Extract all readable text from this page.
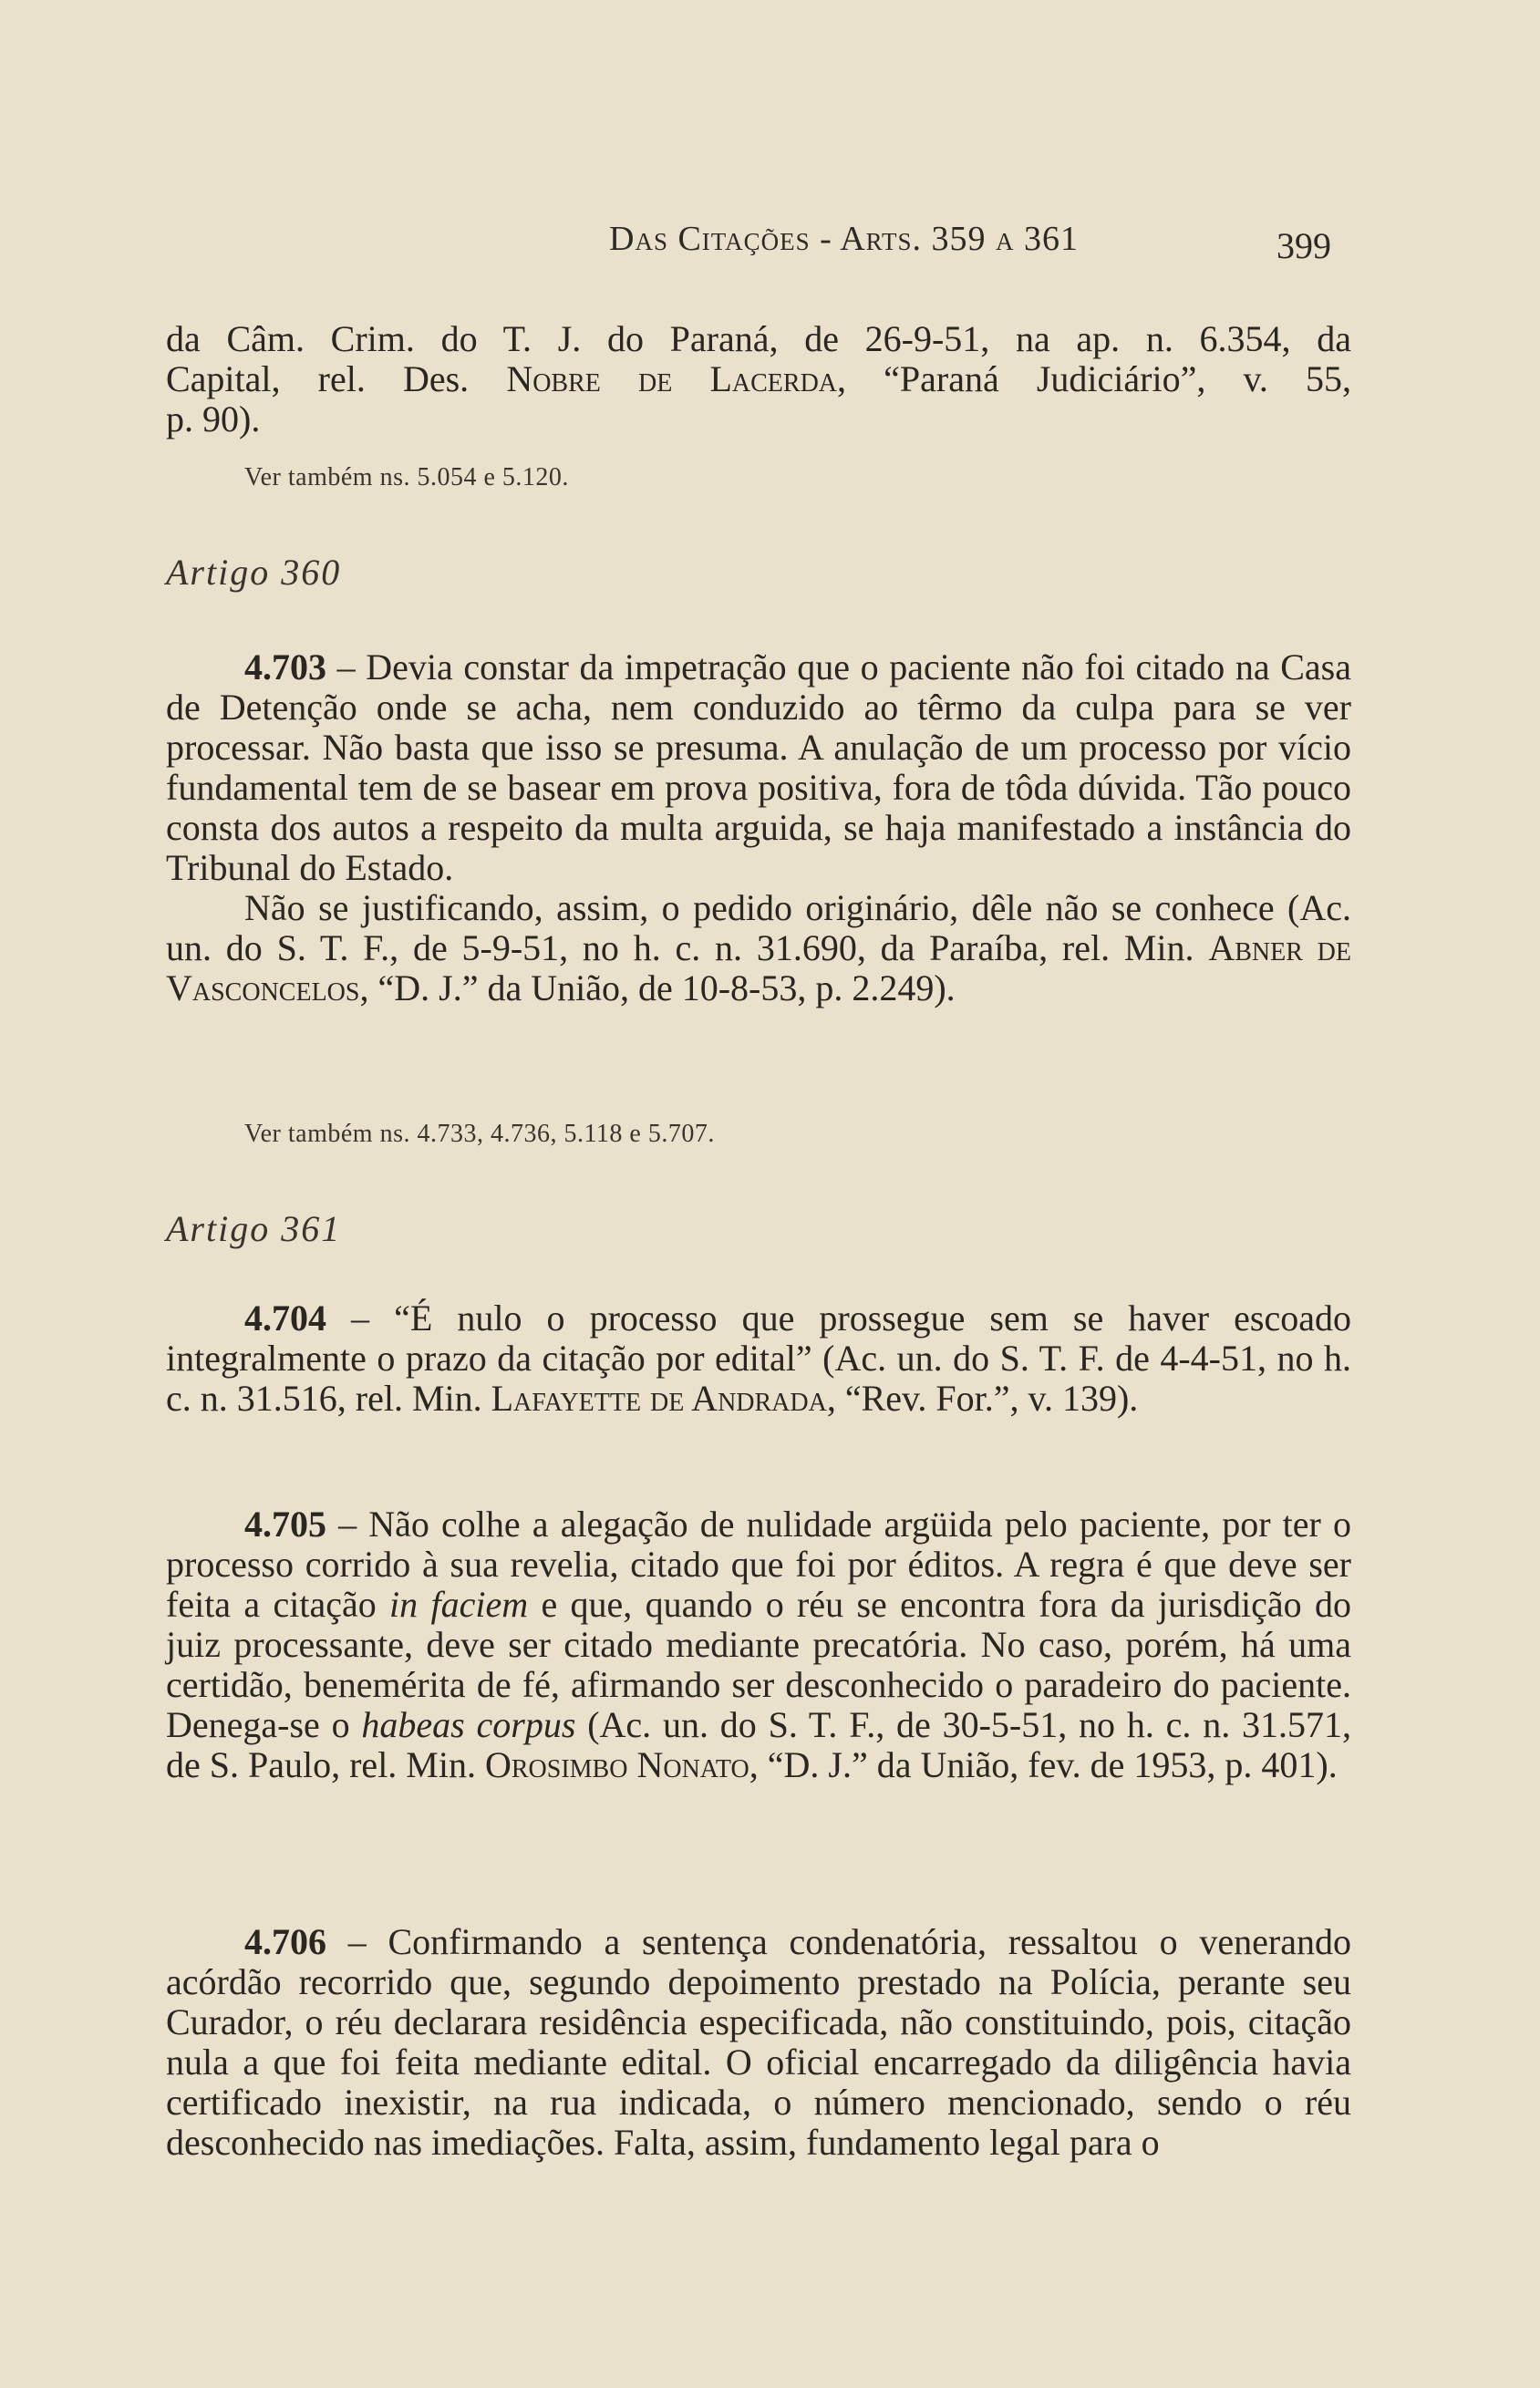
Das Citações - Arts. 359 a 361	399

da Câm. Crim. do T. J. do Paraná, de 26-9-51, na ap. n. 6.354, da

Capital, rel. Des. Nobre de Lacerda, “Paraná Judiciário”, v. 55,

p. 90).

Ver também ns. 5.054 e 5.120.
Artigo 360

4.703 – Devia constar da impetração que o paciente não foi citado na Casa de Detenção onde se acha, nem conduzido ao têrmo da culpa para se ver processar. Não basta que isso se presuma. A anulação de um processo por vício fundamental tem de se basear em prova positiva, fora de tôda dúvida. Tão pouco consta dos autos a respeito da multa arguida, se haja manifestado a instância do Tribunal do Estado.

Não se justificando, assim, o pedido originário, dêle não se conhece (Ac. un. do S. T. F., de 5-9-51, no h. c. n. 31.690, da Paraíba, rel. Min. Abner de Vasconcelos, “D. J.” da União, de 10-8-53, p. 2.249).

Ver também ns. 4.733, 4.736, 5.118 e 5.707.
Artigo 361

4.704 – “É nulo o processo que prossegue sem se haver escoado integralmente o prazo da citação por edital” (Ac. un. do S. T. F. de 4-4-51, no h. c. n. 31.516, rel. Min. Lafayette de Andrada, “Rev. For.”, v. 139).

4.705 – Não colhe a alegação de nulidade argüida pelo paciente, por ter o processo corrido à sua revelia, citado que foi por éditos. A regra é que deve ser feita a citação in faciem e que, quando o réu se encontra fora da jurisdição do juiz processante, deve ser citado mediante precatória. No caso, porém, há uma certidão, benemérita de fé, afirmando ser desconhecido o paradeiro do paciente. Denega-se o habeas corpus (Ac. un. do S. T. F., de 30-5-51, no h. c. n. 31.571, de S. Paulo, rel. Min. Orosimbo Nonato, “D. J.” da União, fev. de 1953, p. 401).

4.706 – Confirmando a sentença condenatória, ressaltou o venerando acórdão recorrido que, segundo depoimento prestado na Polícia, perante seu Curador, o réu declarara residência especificada, não constituindo, pois, citação nula a que foi feita mediante edital. O oficial encarregado da diligência havia certificado inexistir, na rua indicada, o número mencionado, sendo o réu desconhecido nas imediações. Falta, assim, fundamento legal para o
